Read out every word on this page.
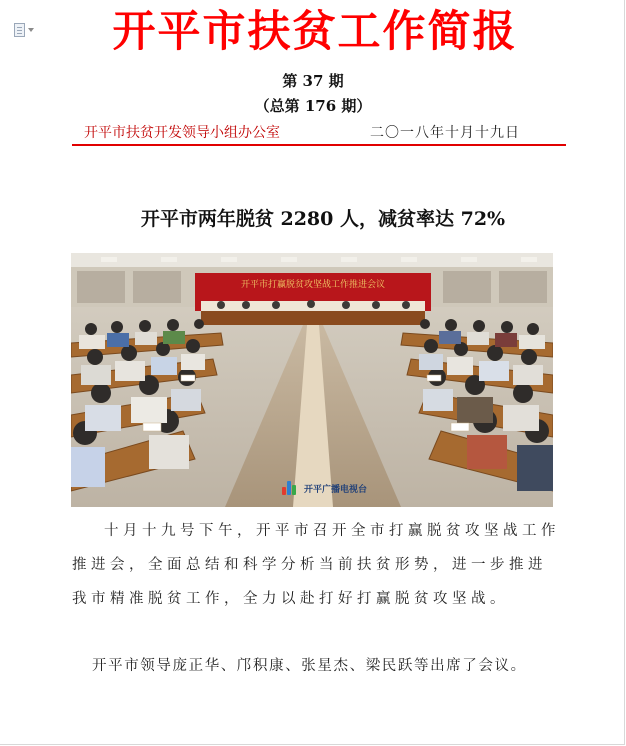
开平市扶贫工作简报
第 37 期
（总第 176 期）
开平市扶贫开发领导小组办公室	二〇一八年十月十九日
开平市两年脱贫 2280 人，减贫率达 72%
开平市打赢脱贫攻坚战工作推进会议
开平广播电视台
十月十九号下午，开平市召开全市打赢脱贫攻坚战工作推进会，全面总结和科学分析当前扶贫形势，进一步推进我市精准脱贫工作，全力以赴打好打赢脱贫攻坚战。
开平市领导庞正华、邝积康、张星杰、梁民跃等出席了会议。
